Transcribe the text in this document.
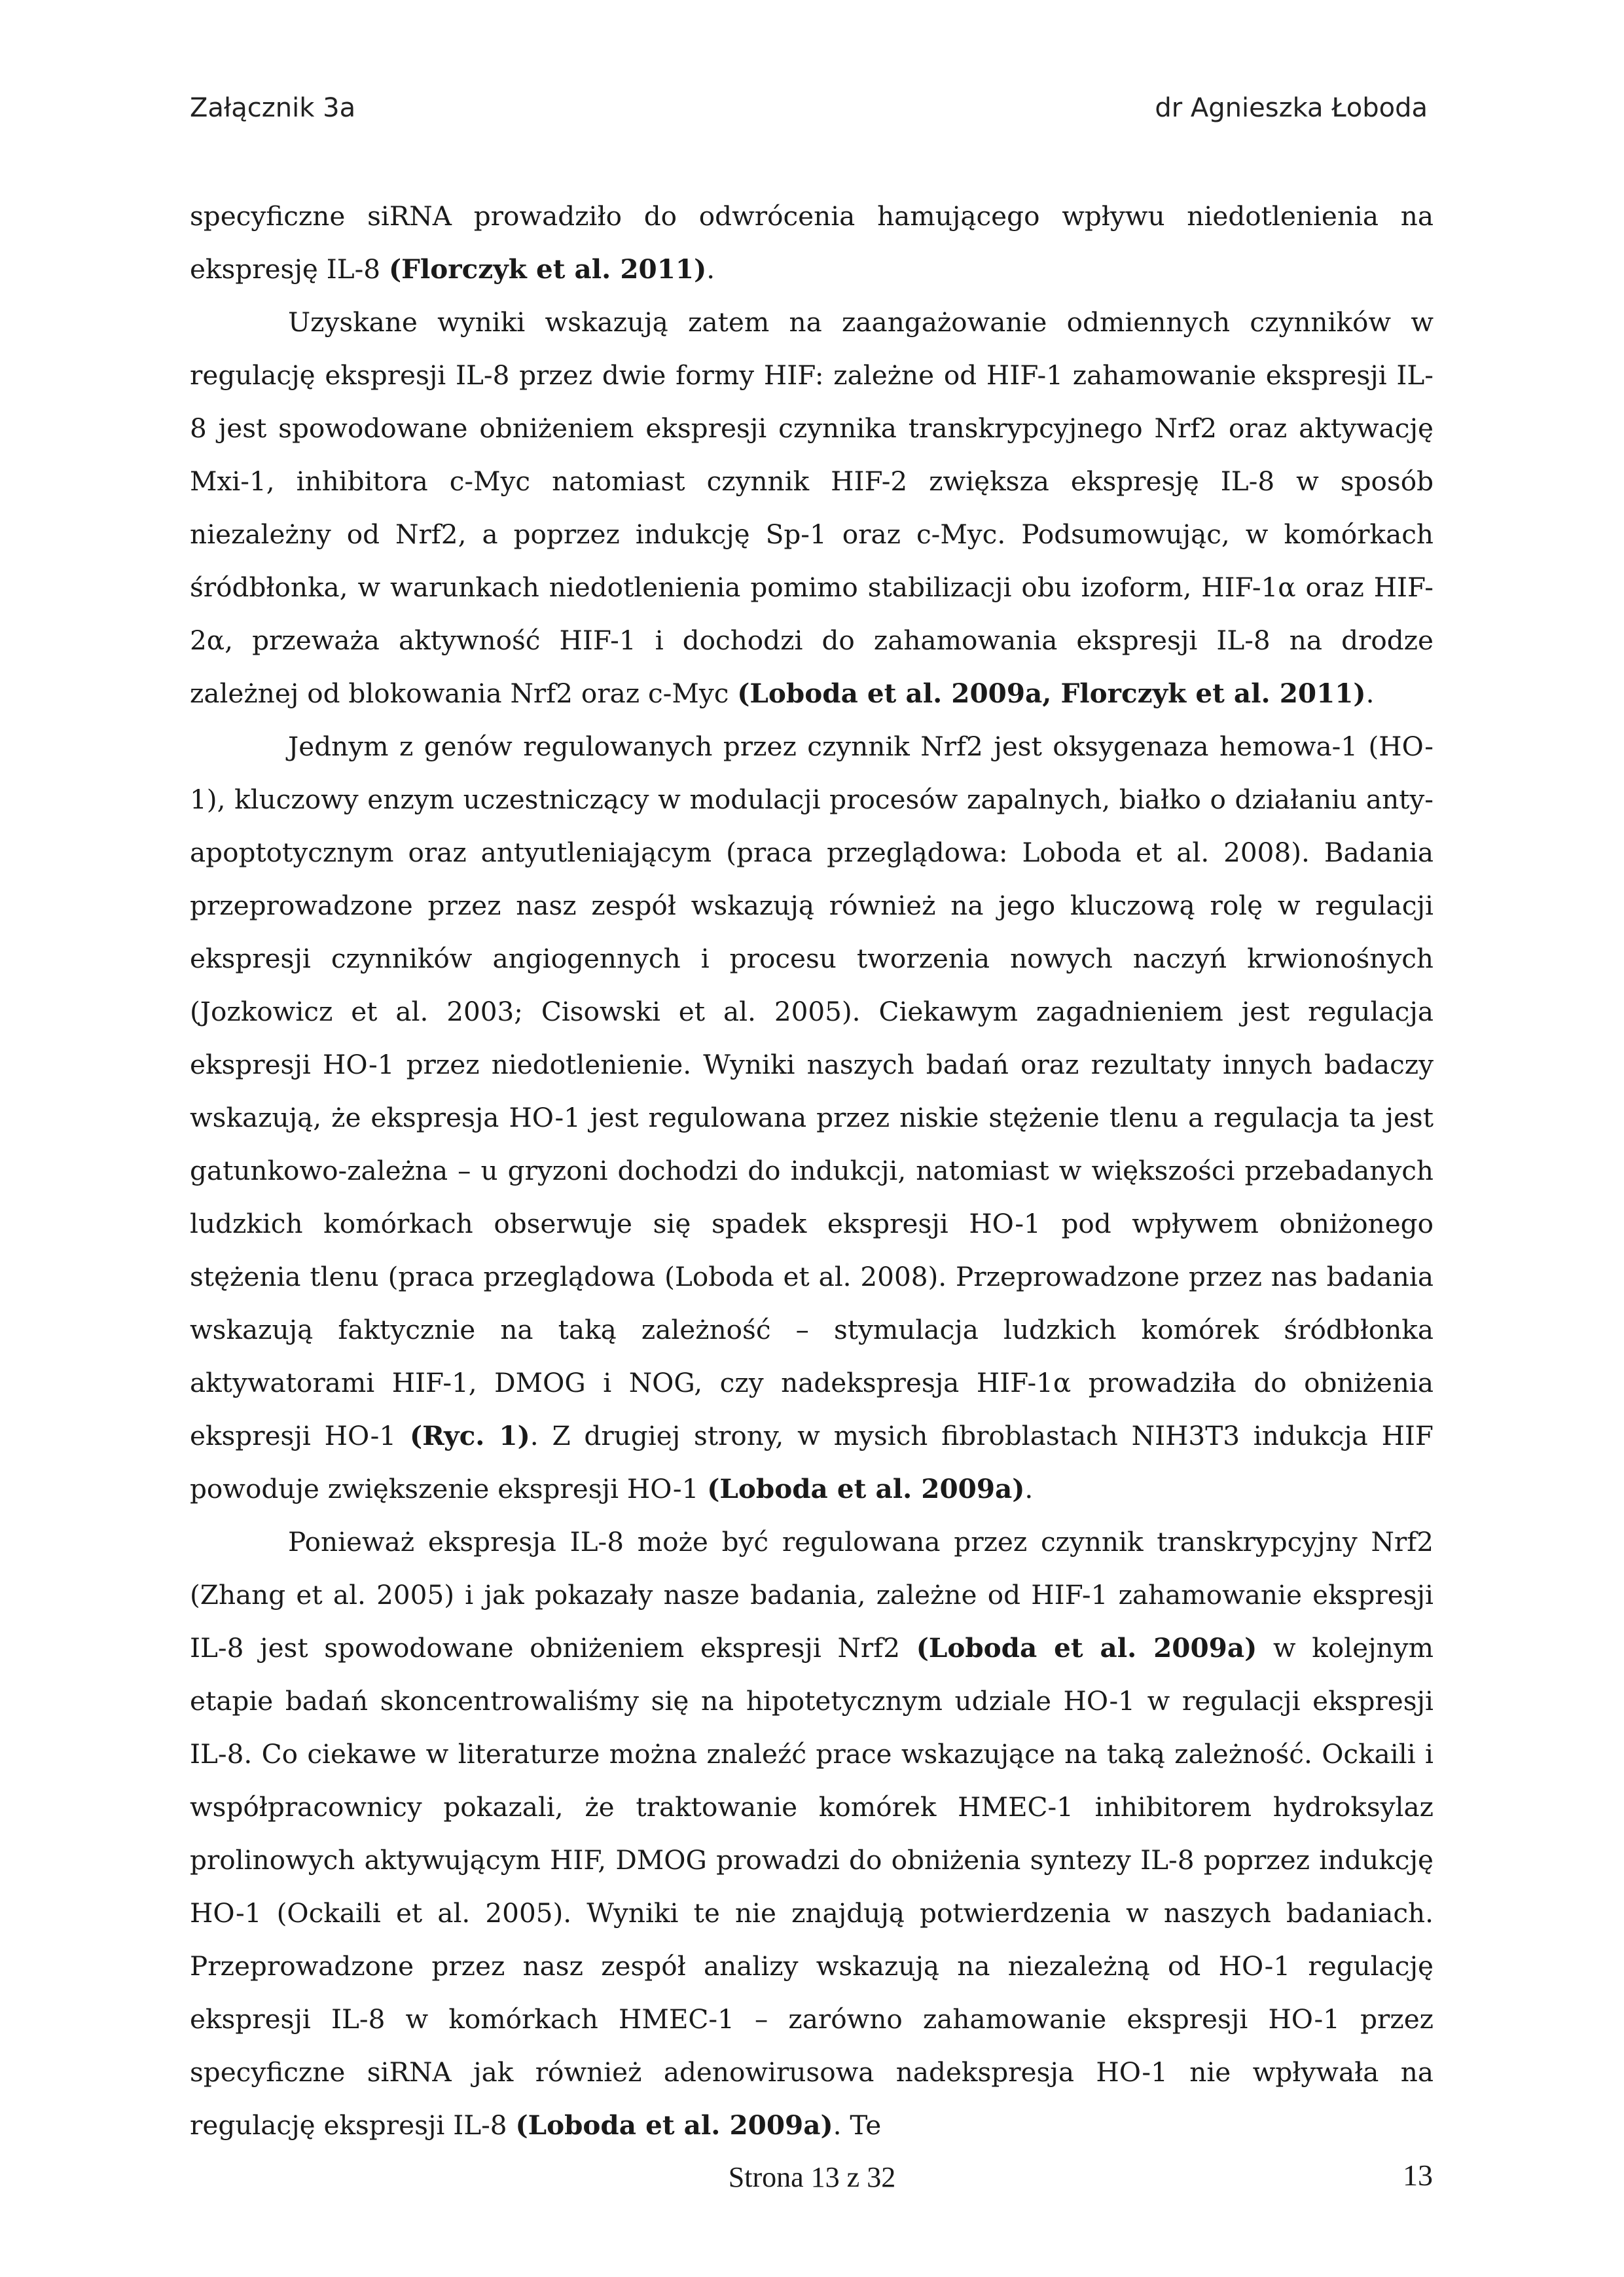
Załącznik 3a	dr Agnieszka Łoboda

specyficzne siRNA prowadziło do odwrócenia hamującego wpływu niedotlenienia na ekspresję IL-8 (Florczyk et al. 2011).

Uzyskane wyniki wskazują zatem na zaangażowanie odmiennych czynników w regulację ekspresji IL-8 przez dwie formy HIF: zależne od HIF-1 zahamowanie ekspresji IL-8 jest spowodowane obniżeniem ekspresji czynnika transkrypcyjnego Nrf2 oraz aktywację Mxi-1, inhibitora c-Myc natomiast czynnik HIF-2 zwiększa ekspresję IL-8 w sposób niezależny od Nrf2, a poprzez indukcję Sp-1 oraz c-Myc. Podsumowując, w komórkach śródbłonka, w warunkach niedotlenienia pomimo stabilizacji obu izoform, HIF-1α oraz HIF-2α, przeważa aktywność HIF-1 i dochodzi do zahamowania ekspresji IL-8 na drodze zależnej od blokowania Nrf2 oraz c-Myc (Loboda et al. 2009a, Florczyk et al. 2011).

Jednym z genów regulowanych przez czynnik Nrf2 jest oksygenaza hemowa-1 (HO-1), kluczowy enzym uczestniczący w modulacji procesów zapalnych, białko o działaniu anty-apoptotycznym oraz antyutleniającym (praca przeglądowa: Loboda et al. 2008). Badania przeprowadzone przez nasz zespół wskazują również na jego kluczową rolę w regulacji ekspresji czynników angiogennych i procesu tworzenia nowych naczyń krwionośnych (Jozkowicz et al. 2003; Cisowski et al. 2005). Ciekawym zagadnieniem jest regulacja ekspresji HO-1 przez niedotlenienie. Wyniki naszych badań oraz rezultaty innych badaczy wskazują, że ekspresja HO-1 jest regulowana przez niskie stężenie tlenu a regulacja ta jest gatunkowo-zależna – u gryzoni dochodzi do indukcji, natomiast w większości przebadanych ludzkich komórkach obserwuje się spadek ekspresji HO-1 pod wpływem obniżonego stężenia tlenu (praca przeglądowa (Loboda et al. 2008). Przeprowadzone przez nas badania wskazują faktycznie na taką zależność – stymulacja ludzkich komórek śródbłonka aktywatorami HIF-1, DMOG i NOG, czy nadekspresja HIF-1α prowadziła do obniżenia ekspresji HO-1 (Ryc. 1). Z drugiej strony, w mysich fibroblastach NIH3T3 indukcja HIF powoduje zwiększenie ekspresji HO-1 (Loboda et al. 2009a).

Ponieważ ekspresja IL-8 może być regulowana przez czynnik transkrypcyjny Nrf2 (Zhang et al. 2005) i jak pokazały nasze badania, zależne od HIF-1 zahamowanie ekspresji IL-8 jest spowodowane obniżeniem ekspresji Nrf2 (Loboda et al. 2009a) w kolejnym etapie badań skoncentrowaliśmy się na hipotetycznym udziale HO-1 w regulacji ekspresji IL-8. Co ciekawe w literaturze można znaleźć prace wskazujące na taką zależność. Ockaili i współpracownicy pokazali, że traktowanie komórek HMEC-1 inhibitorem hydroksylaz prolinowych aktywującym HIF, DMOG prowadzi do obniżenia syntezy IL-8 poprzez indukcję HO-1 (Ockaili et al. 2005). Wyniki te nie znajdują potwierdzenia w naszych badaniach. Przeprowadzone przez nasz zespół analizy wskazują na niezależną od HO-1 regulację ekspresji IL-8 w komórkach HMEC-1 – zarówno zahamowanie ekspresji HO-1 przez specyficzne siRNA jak również adenowirusowa nadekspresja HO-1 nie wpływała na regulację ekspresji IL-8 (Loboda et al. 2009a). Te

Strona 13 z 32	13
